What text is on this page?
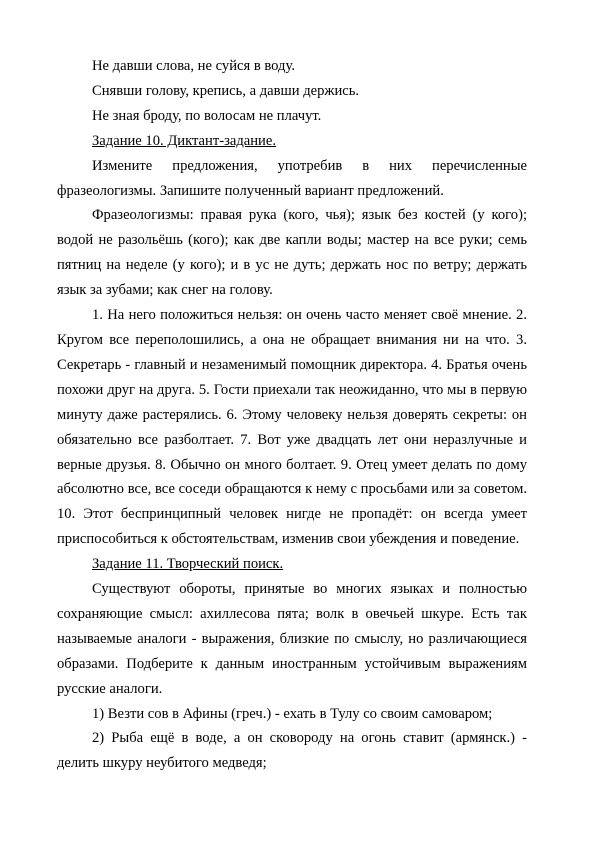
Не давши слова, не суйся в воду.

Снявши голову, крепись, а давши держись.

Не зная броду, по волосам не плачут.

Задание 10. Диктант-задание.

Измените предложения, употребив в них перечисленные фразеологизмы. Запишите полученный вариант предложений.

Фразеологизмы: правая рука (кого, чья); язык без костей (у кого); водой не разольёшь (кого); как две капли воды; мастер на все руки; семь пятниц на неделе (у кого); и в ус не дуть; держать нос по ветру; держать язык за зубами; как снег на голову.

1. На него положиться нельзя: он очень часто меняет своё мнение. 2. Кругом все переполошились, а она не обращает внимания ни на что. 3. Секретарь - главный и незаменимый помощник директора. 4. Братья очень похожи друг на друга. 5. Гости приехали так неожиданно, что мы в первую минуту даже растерялись. 6. Этому человеку нельзя доверять секреты: он обязательно все разболтает. 7. Вот уже двадцать лет они неразлучные и верные друзья. 8. Обычно он много болтает. 9. Отец умеет делать по дому абсолютно все, все соседи обращаются к нему с просьбами или за советом. 10. Этот беспринципный человек нигде не пропадёт: он всегда умеет приспособиться к обстоятельствам, изменив свои убеждения и поведение.

Задание 11. Творческий поиск.

Существуют обороты, принятые во многих языках и полностью сохраняющие смысл: ахиллесова пята; волк в овечьей шкуре. Есть так называемые аналоги - выражения, близкие по смыслу, но различающиеся образами. Подберите к данным иностранным устойчивым выражениям русские аналоги.

1) Везти сов в Афины (греч.) - ехать в Тулу со своим самоваром;

2) Рыба ещё в воде, а он сковороду на огонь ставит (армянск.) - делить шкуру неубитого медведя;
